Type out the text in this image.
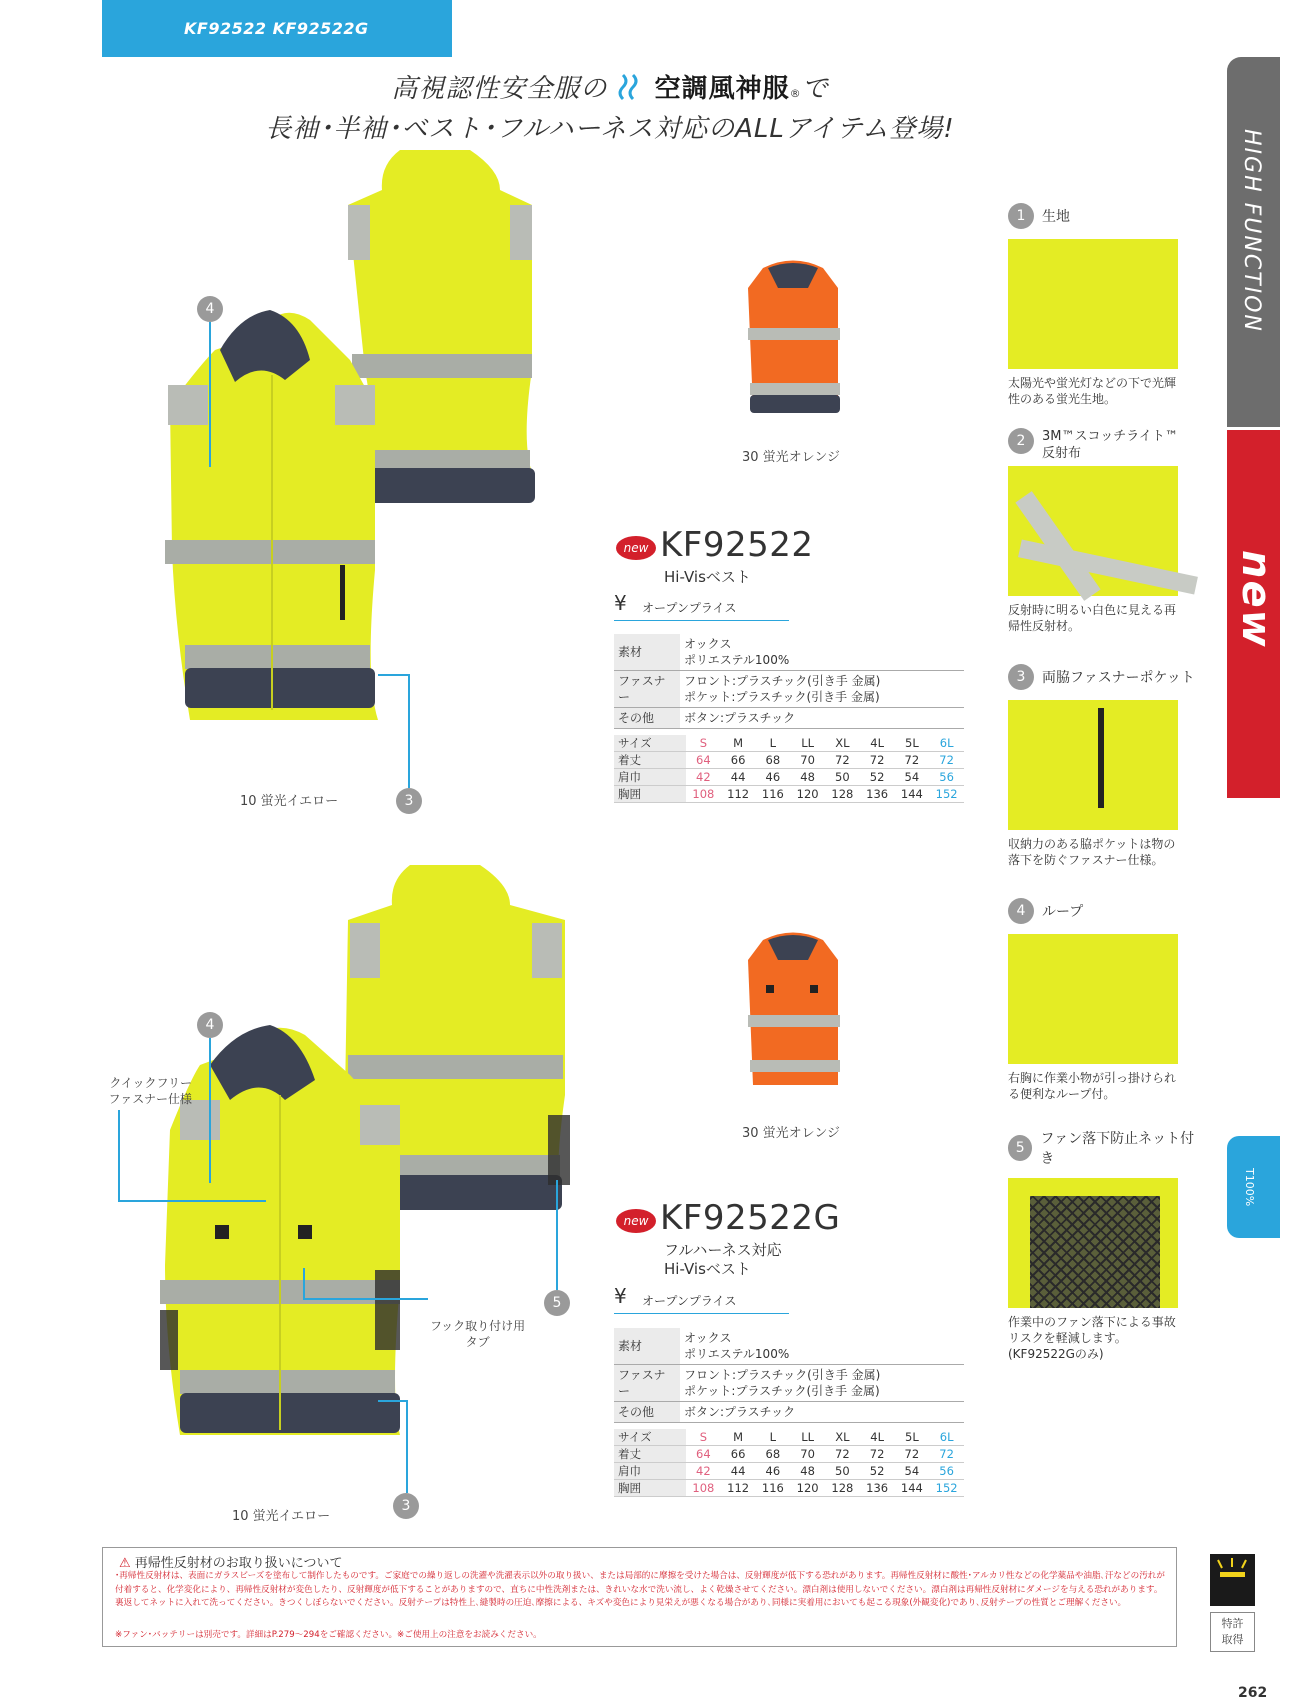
KF92522 KF92522G
高視認性安全服の 空調風神服®で
長袖･半袖･ベスト･フルハーネス対応のALLアイテム登場!	HIGH FUNCTION
new
T100%
30 蛍光オレンジ
10 蛍光イエロー
4
3
new KF92522
Hi-Visベスト
¥ オープンプライス
素材	オックス
ポリエステル100%
ファスナー	フロント:プラスチック(引き手 金属)
ポケット:プラスチック(引き手 金属)
その他	ボタン:プラスチック
サイズ	S	M	L	LL	XL	4L	5L	6L
着丈	64	66	68	70	72	72	72	72
肩巾	42	44	46	48	50	52	54	56
胸囲	108	112	116	120	128	136	144	152
30 蛍光オレンジ
10 蛍光イエロー
クイックフリー
ファスナー仕様
4
フック取り付け用
タブ
5
3
new KF92522G
フルハーネス対応
Hi-Visベスト
¥ オープンプライス
素材	オックス
ポリエステル100%
ファスナー	フロント:プラスチック(引き手 金属)
ポケット:プラスチック(引き手 金属)
その他	ボタン:プラスチック
サイズ	S	M	L	LL	XL	4L	5L	6L
着丈	64	66	68	70	72	72	72	72
肩巾	42	44	46	48	50	52	54	56
胸囲	108	112	116	120	128	136	144	152
1	生地
太陽光や蛍光灯などの下で光輝性のある蛍光生地。
2	3M™スコッチライト™
反射布
反射時に明るい白色に見える再帰性反射材。
3	両脇ファスナーポケット
収納力のある脇ポケットは物の落下を防ぐファスナー仕様。
4	ループ
右胸に作業小物が引っ掛けられる便利なループ付。
5
ファン落下防止ネット付き
作業中のファン落下による事故リスクを軽減します。
(KF92522Gのみ)
⚠ 再帰性反射材のお取り扱いについて
･再帰性反射材は、表面にガラスビーズを塗布して制作したものです。ご家庭での繰り返しの洗濯や洗濯表示以外の取り扱い、または局部的に摩擦を受けた場合は、反射輝度が低下する恐れがあります。再帰性反射材に酸性･アルカリ性などの化学薬品や油脂､汗などの汚れが付着すると、化学変化により、再帰性反射材が変色したり、反射輝度が低下することがありますので、直ちに中性洗剤または、きれいな水で洗い流し、よく乾燥させてください。漂白剤は使用しないでください。漂白剤は再帰性反射材にダメージを与える恐れがあります。裏返してネットに入れて洗ってください。きつくしぼらないでください。反射テープは特性上､縫製時の圧迫､摩擦による、キズや変色により見栄えが悪くなる場合があり､同様に実着用においても起こる現象(外観変化)であり､反射テープの性質とご理解ください。
※ファン･バッテリーは別売です。詳細はP.279〜294をご確認ください。※ご使用上の注意をお読みください。
反射材
特許
取得
262
